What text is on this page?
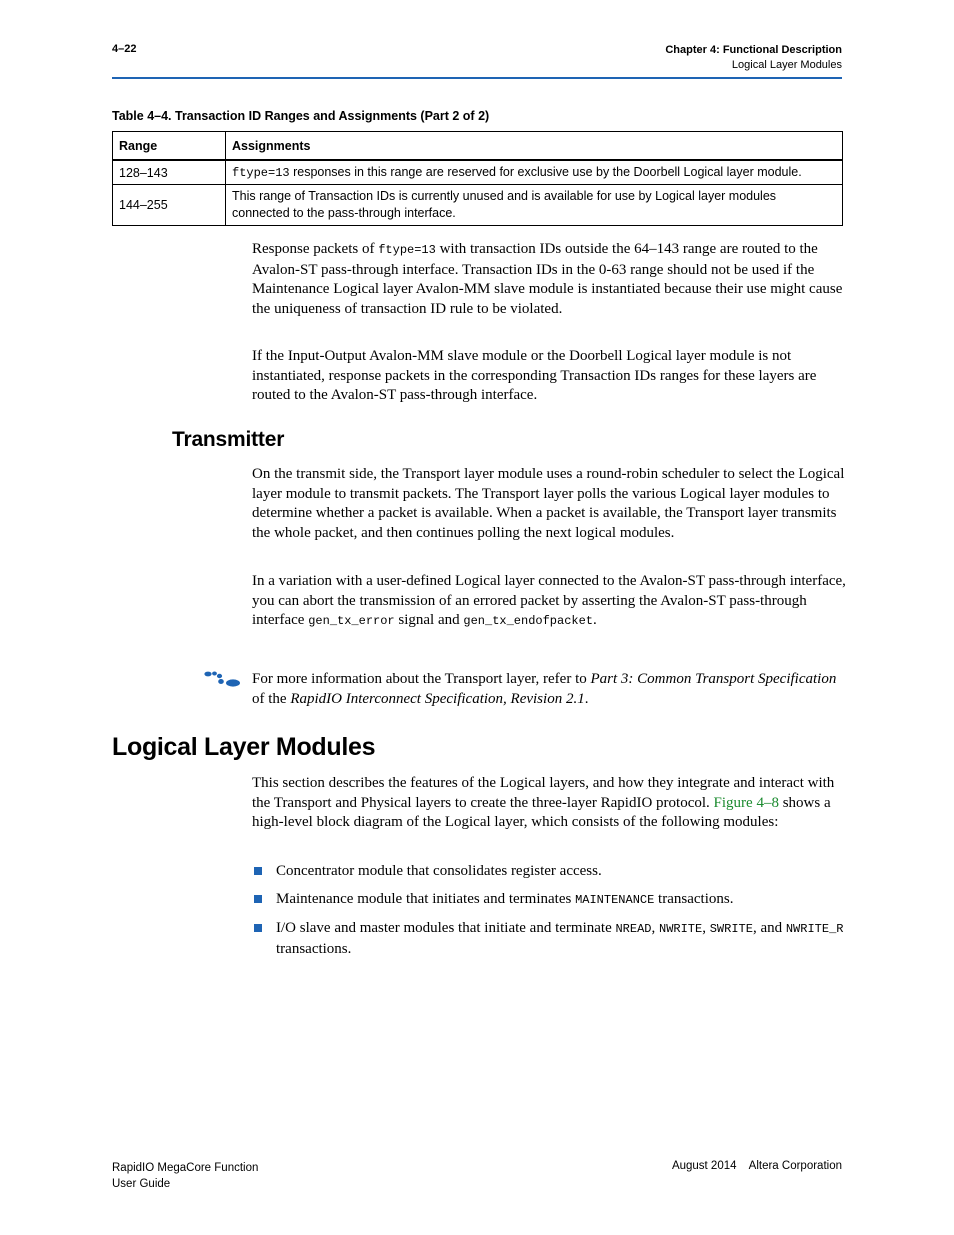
4–22	Chapter 4: Functional Description
Logical Layer Modules
Table 4–4. Transaction ID Ranges and Assignments (Part 2 of 2)
Range	Assignments
128–143	ftype=13 responses in this range are reserved for exclusive use by the Doorbell Logical layer module.
144–255	This range of Transaction IDs is currently unused and is available for use by Logical layer modules connected to the pass-through interface.
Response packets of ftype=13 with transaction IDs outside the 64–143 range are routed to the Avalon-ST pass-through interface. Transaction IDs in the 0-63 range should not be used if the Maintenance Logical layer Avalon-MM slave module is instantiated because their use might cause the uniqueness of transaction ID rule to be violated.
If the Input-Output Avalon-MM slave module or the Doorbell Logical layer module is not instantiated, response packets in the corresponding Transaction IDs ranges for these layers are routed to the Avalon-ST pass-through interface.
Transmitter
On the transmit side, the Transport layer module uses a round-robin scheduler to select the Logical layer module to transmit packets. The Transport layer polls the various Logical layer modules to determine whether a packet is available. When a packet is available, the Transport layer transmits the whole packet, and then continues polling the next logical modules.
In a variation with a user-defined Logical layer connected to the Avalon-ST pass-through interface, you can abort the transmission of an errored packet by asserting the Avalon-ST pass-through interface gen_tx_error signal and gen_tx_endofpacket.
For more information about the Transport layer, refer to Part 3: Common Transport Specification of the RapidIO Interconnect Specification, Revision 2.1.
Logical Layer Modules
This section describes the features of the Logical layers, and how they integrate and interact with the Transport and Physical layers to create the three-layer RapidIO protocol. Figure 4–8 shows a high-level block diagram of the Logical layer, which consists of the following modules:
Concentrator module that consolidates register access.
Maintenance module that initiates and terminates MAINTENANCE transactions.
I/O slave and master modules that initiate and terminate NREAD, NWRITE, SWRITE, and NWRITE_R transactions.
RapidIO MegaCore Function
User Guide
August 2014    Altera Corporation
